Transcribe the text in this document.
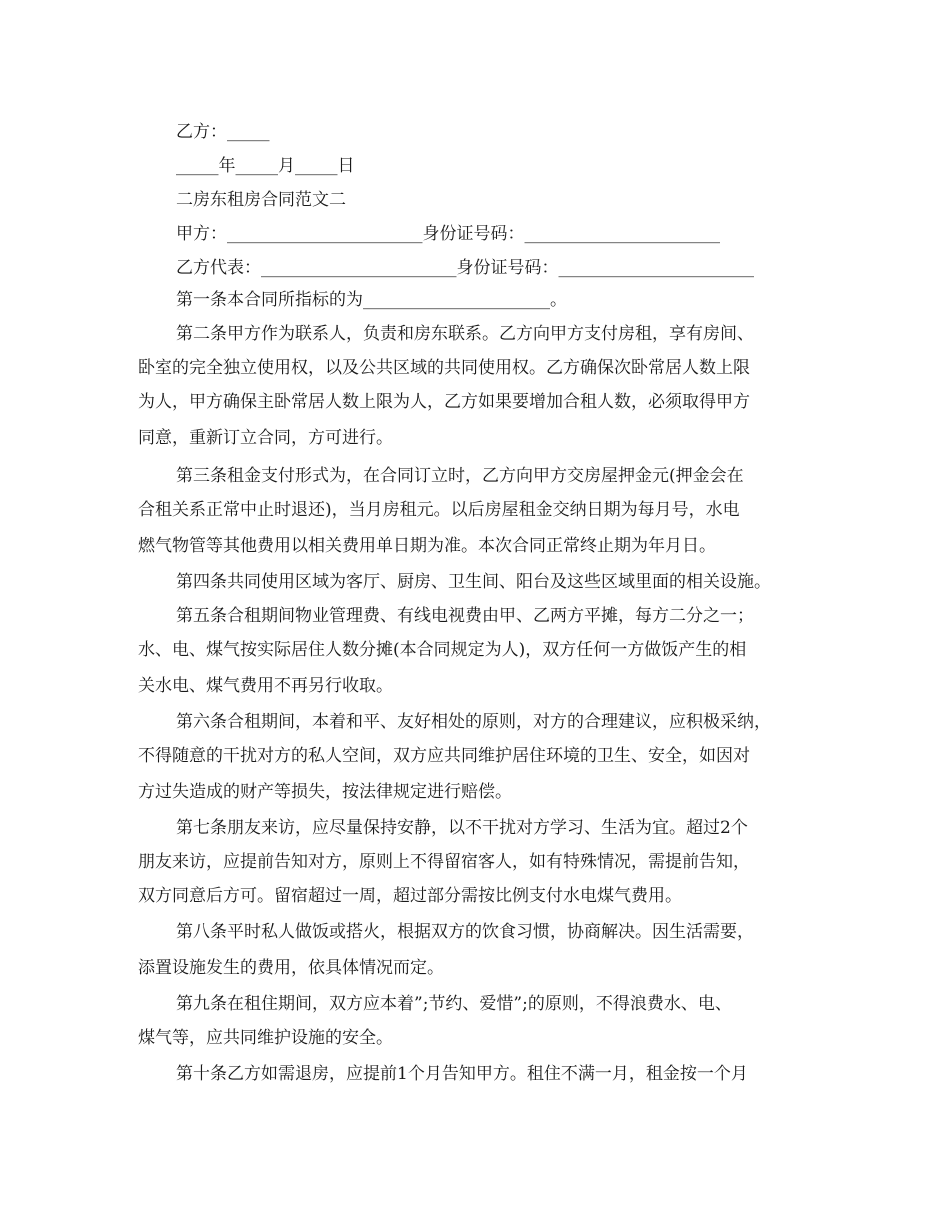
乙方：_____
_____年_____月_____日
二房东租房合同范文二
甲方：_______________________身份证号码：_______________________
乙方代表：_______________________身份证号码：_______________________
第一条本合同所指标的为______________________。
第二条甲方作为联系人，负责和房东联系。乙方向甲方支付房租，享有房间、
卧室的完全独立使用权，以及公共区域的共同使用权。乙方确保次卧常居人数上限
为人，甲方确保主卧常居人数上限为人，乙方如果要增加合租人数，必须取得甲方
同意，重新订立合同，方可进行。
第三条租金支付形式为，在合同订立时，乙方向甲方交房屋押金元(押金会在
合租关系正常中止时退还)，当月房租元。以后房屋租金交纳日期为每月号，水电
燃气物管等其他费用以相关费用单日期为准。本次合同正常终止期为年月日。
第四条共同使用区域为客厅、厨房、卫生间、阳台及这些区域里面的相关设施。
第五条合租期间物业管理费、有线电视费由甲、乙两方平摊，每方二分之一；
水、电、煤气按实际居住人数分摊(本合同规定为人)，双方任何一方做饭产生的相
关水电、煤气费用不再另行收取。
第六条合租期间，本着和平、友好相处的原则，对方的合理建议，应积极采纳，
不得随意的干扰对方的私人空间，双方应共同维护居住环境的卫生、安全，如因对
方过失造成的财产等损失，按法律规定进行赔偿。
第七条朋友来访，应尽量保持安静，以不干扰对方学习、生活为宜。超过2个
朋友来访，应提前告知对方，原则上不得留宿客人，如有特殊情况，需提前告知，
双方同意后方可。留宿超过一周，超过部分需按比例支付水电煤气费用。
第八条平时私人做饭或搭火，根据双方的饮食习惯，协商解决。因生活需要，
添置设施发生的费用，依具体情况而定。
第九条在租住期间，双方应本着”;节约、爱惜”;的原则，不得浪费水、电、
煤气等，应共同维护设施的安全。
第十条乙方如需退房，应提前1个月告知甲方。租住不满一月，租金按一个月
